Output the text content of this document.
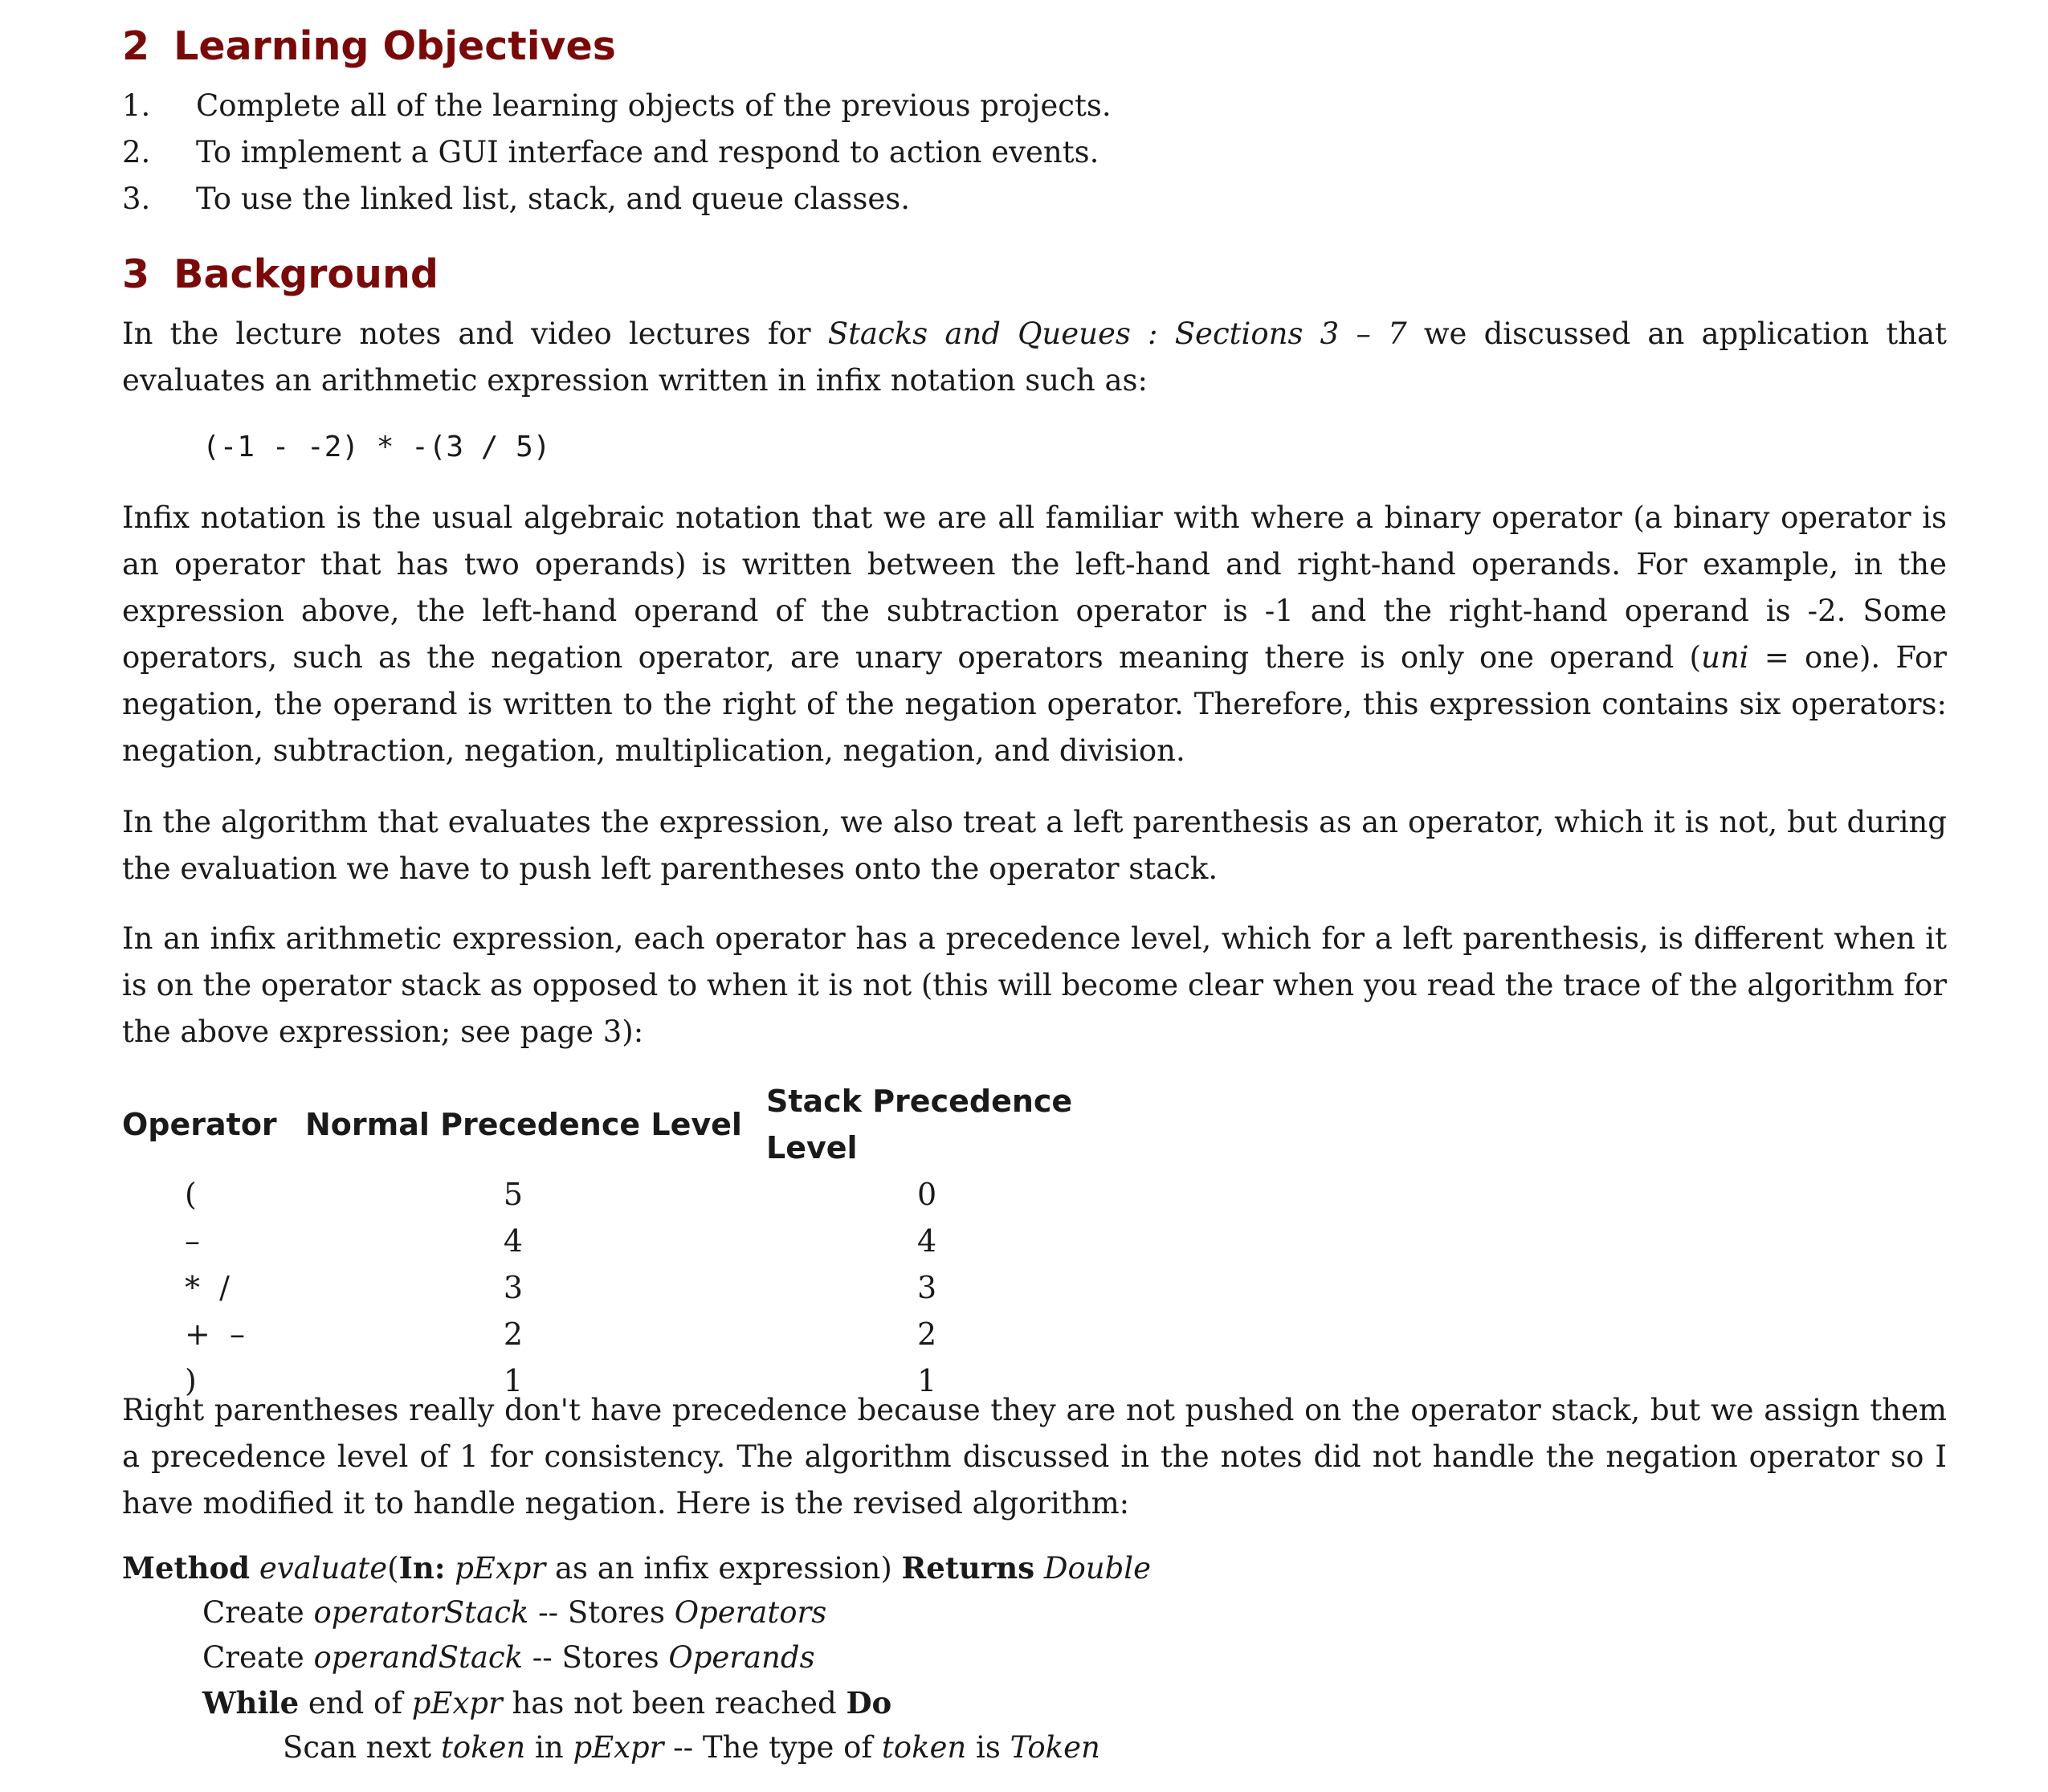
2 Learning Objectives
1.	Complete all of the learning objects of the previous projects.
2.	To implement a GUI interface and respond to action events.
3.	To use the linked list, stack, and queue classes.
3 Background

In the lecture notes and video lectures for Stacks and Queues : Sections 3 – 7 we discussed an application that evaluates an arithmetic expression written in infix notation such as:

(-1 - -2) * -(3 / 5)

Infix notation is the usual algebraic notation that we are all familiar with where a binary operator (a binary operator is an operator that has two operands) is written between the left-hand and right-hand operands. For example, in the expression above, the left-hand operand of the subtraction operator is -1 and the right-hand operand is -2. Some operators, such as the negation operator, are unary operators meaning there is only one operand (uni = one). For negation, the operand is written to the right of the negation operator. Therefore, this expression contains six operators: negation, subtraction, negation, multiplication, negation, and division.

In the algorithm that evaluates the expression, we also treat a left parenthesis as an operator, which it is not, but during the evaluation we have to push left parentheses onto the operator stack.

In an infix arithmetic expression, each operator has a precedence level, which for a left parenthesis, is different when it is on the operator stack as opposed to when it is not (this will become clear when you read the trace of the algorithm for the above expression; see page 3):

Operator	Normal Precedence Level	Stack Precedence Level
(	5	0
–	4	4
*  /	3	3
+  –	2	2
)	1	1

Right parentheses really don't have precedence because they are not pushed on the operator stack, but we assign them a precedence level of 1 for consistency. The algorithm discussed in the notes did not handle the negation operator so I have modified it to handle negation. Here is the revised algorithm:

Method evaluate(In: pExpr as an infix expression) Returns Double
Create operatorStack -- Stores Operators
Create operandStack -- Stores Operands
While end of pExpr has not been reached Do
Scan next token in pExpr -- The type of token is Token
